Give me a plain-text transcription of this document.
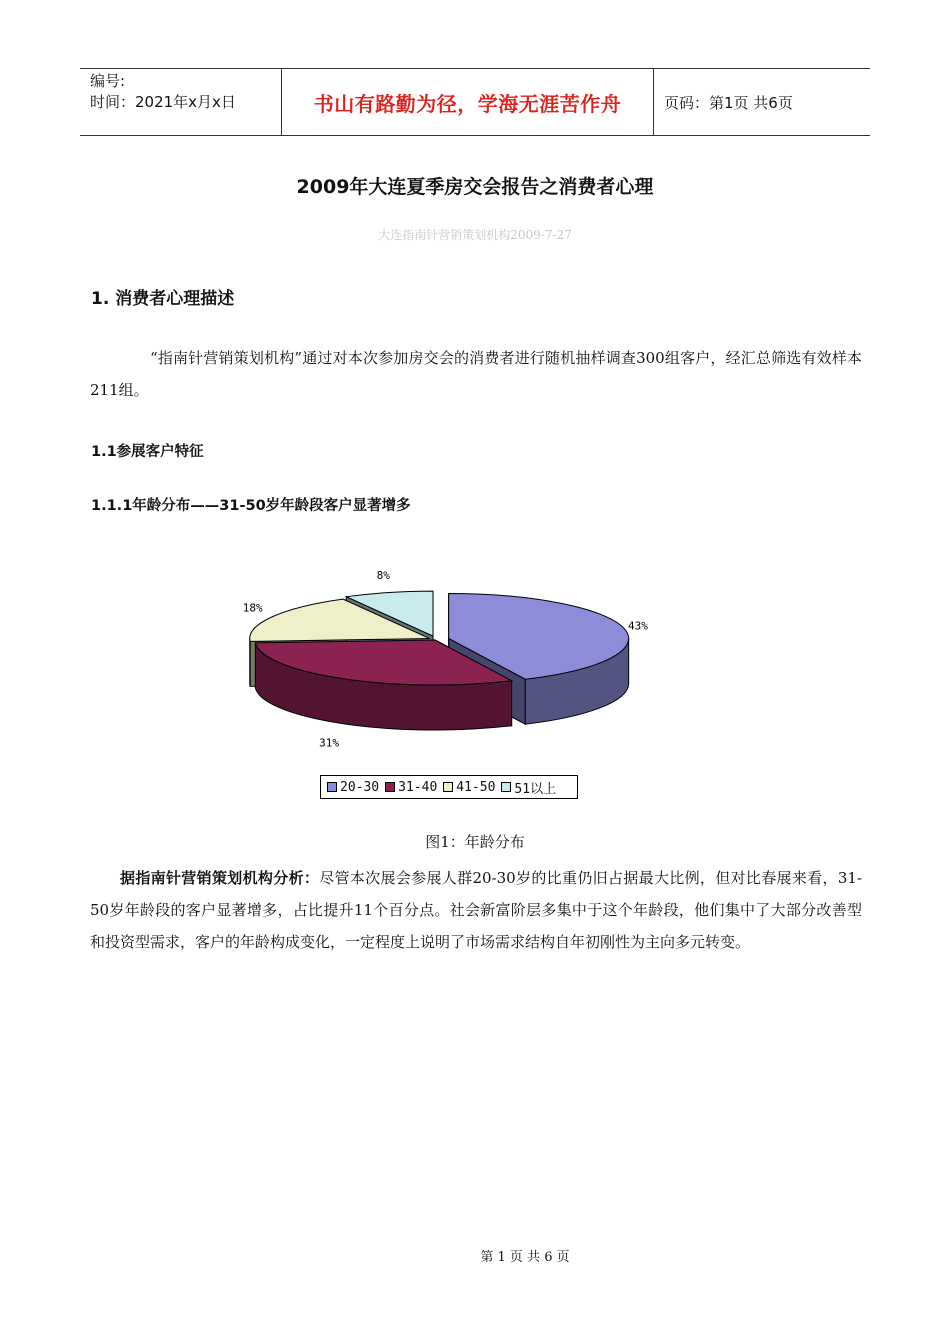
编号:
时间：2021年x月x日	书山有路勤为径，学海无涯苦作舟	页码：第1页 共6页
2009年大连夏季房交会报告之消费者心理
大连指南针营销策划机构2009-7-27
1. 消费者心理描述
“指南针营销策划机构”通过对本次参加房交会的消费者进行随机抽样调查300组客户，经汇总筛选有效样本211组。
1.1参展客户特征
1.1.1年龄分布——31-50岁年龄段客户显著增多
43%
31%
18%
8%
20-30 31-40 41-50 51以上
图1：年龄分布
据指南针营销策划机构分析：尽管本次展会参展人群20-30岁的比重仍旧占据最大比例，但对比春展来看，31-50岁年龄段的客户显著增多，占比提升11个百分点。社会新富阶层多集中于这个年龄段，他们集中了大部分改善型和投资型需求，客户的年龄构成变化，一定程度上说明了市场需求结构自年初刚性为主向多元转变。
第 1 页 共 6 页
